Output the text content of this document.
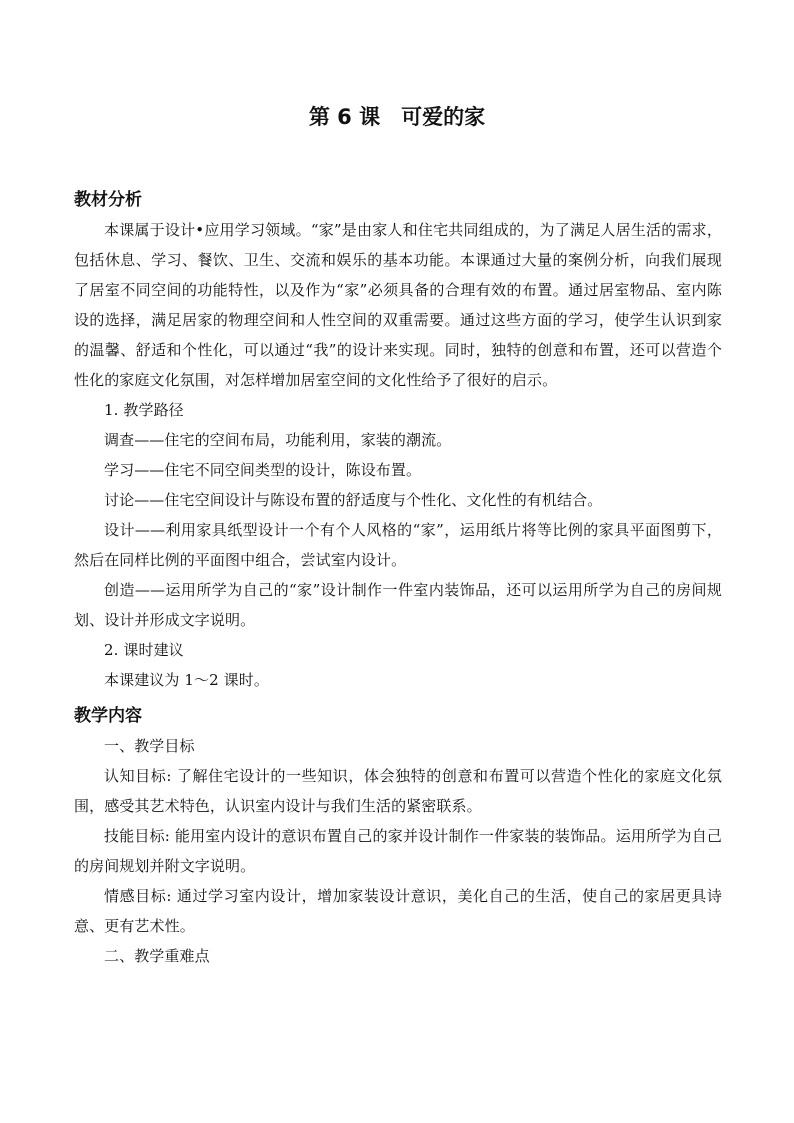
第 6 课　可爱的家
教材分析

本课属于设计•应用学习领域。“家”是由家人和住宅共同组成的，为了满足人居生活的需求，包括休息、学习、餐饮、卫生、交流和娱乐的基本功能。本课通过大量的案例分析，向我们展现了居室不同空间的功能特性，以及作为“家”必须具备的合理有效的布置。通过居室物品、室内陈设的选择，满足居家的物理空间和人性空间的双重需要。通过这些方面的学习，使学生认识到家的温馨、舒适和个性化，可以通过“我”的设计来实现。同时，独特的创意和布置，还可以营造个性化的家庭文化氛围，对怎样增加居室空间的文化性给予了很好的启示。

1. 教学路径

调查——住宅的空间布局，功能利用，家装的潮流。

学习——住宅不同空间类型的设计，陈设布置。

讨论——住宅空间设计与陈设布置的舒适度与个性化、文化性的有机结合。

设计——利用家具纸型设计一个有个人风格的“家”，运用纸片将等比例的家具平面图剪下，然后在同样比例的平面图中组合，尝试室内设计。

创造——运用所学为自己的“家”设计制作一件室内装饰品，还可以运用所学为自己的房间规划、设计并形成文字说明。

2. 课时建议

本课建议为 1～2 课时。

教学内容

一、教学目标

认知目标: 了解住宅设计的一些知识，体会独特的创意和布置可以营造个性化的家庭文化氛围，感受其艺术特色，认识室内设计与我们生活的紧密联系。

技能目标: 能用室内设计的意识布置自己的家并设计制作一件家装的装饰品。运用所学为自己的房间规划并附文字说明。

情感目标: 通过学习室内设计，增加家装设计意识，美化自己的生活，使自己的家居更具诗意、更有艺术性。

二、教学重难点
